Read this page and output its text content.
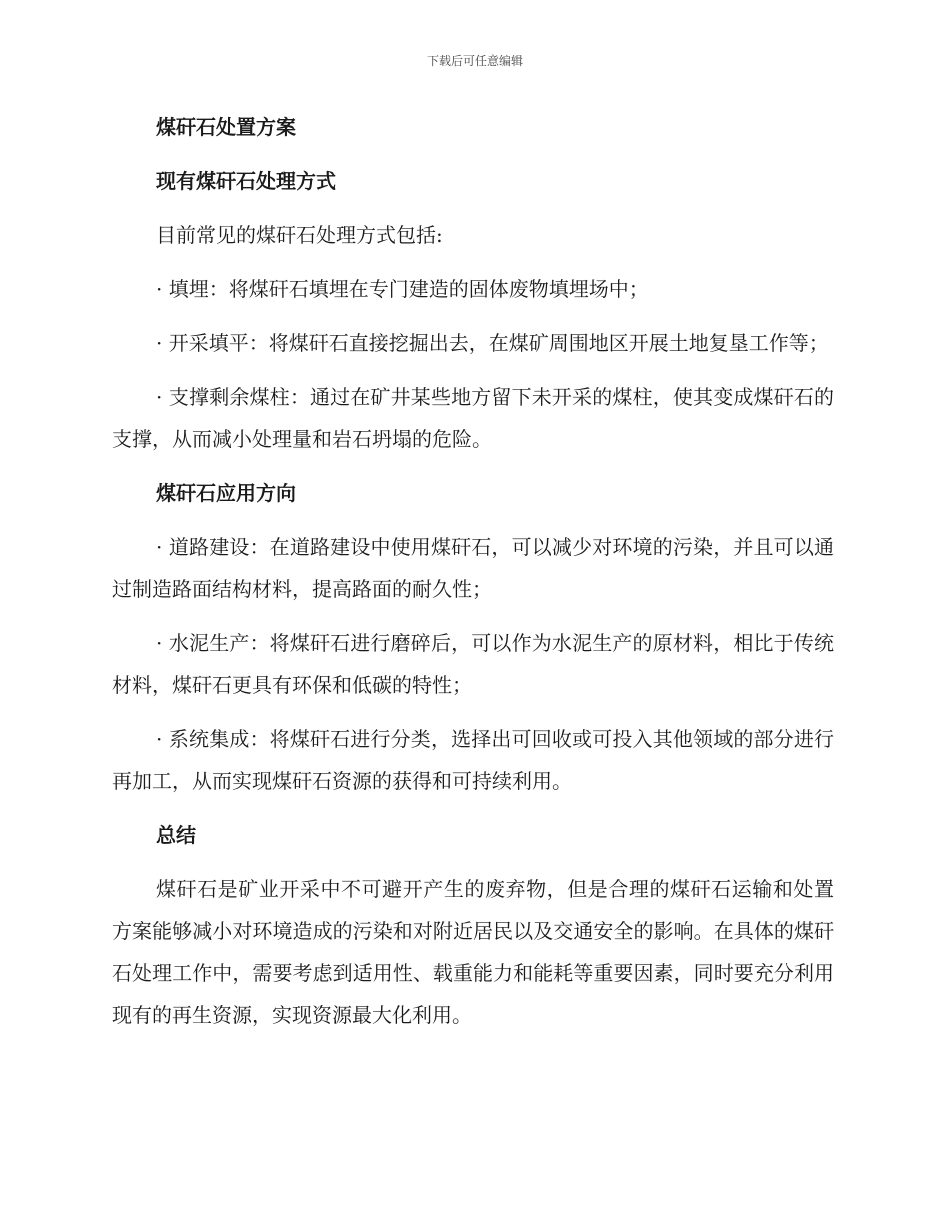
下载后可任意编辑
煤矸石处置方案
现有煤矸石处理方式
目前常见的煤矸石处理方式包括:
· 填埋：将煤矸石填埋在专门建造的固体废物填埋场中；
· 开采填平：将煤矸石直接挖掘出去，在煤矿周围地区开展土地复垦工作等；
· 支撑剩余煤柱：通过在矿井某些地方留下未开采的煤柱，使其变成煤矸石的支撑，从而减小处理量和岩石坍塌的危险。
煤矸石应用方向
· 道路建设：在道路建设中使用煤矸石，可以减少对环境的污染，并且可以通过制造路面结构材料，提高路面的耐久性；
· 水泥生产：将煤矸石进行磨碎后，可以作为水泥生产的原材料，相比于传统材料，煤矸石更具有环保和低碳的特性；
· 系统集成：将煤矸石进行分类，选择出可回收或可投入其他领域的部分进行再加工，从而实现煤矸石资源的获得和可持续利用。
总结
煤矸石是矿业开采中不可避开产生的废弃物，但是合理的煤矸石运输和处置方案能够减小对环境造成的污染和对附近居民以及交通安全的影响。在具体的煤矸石处理工作中，需要考虑到适用性、载重能力和能耗等重要因素，同时要充分利用现有的再生资源，实现资源最大化利用。
